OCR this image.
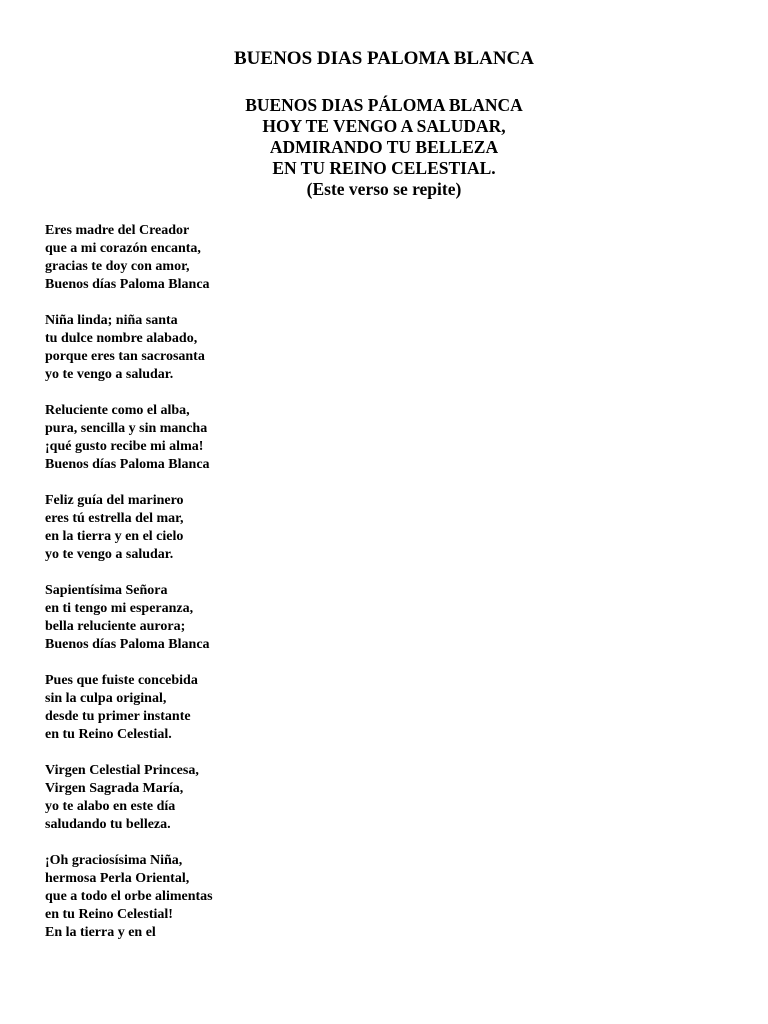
BUENOS DIAS PALOMA BLANCA
BUENOS DIAS PÁLOMA BLANCA
HOY TE VENGO A SALUDAR,
ADMIRANDO TU BELLEZA
EN TU REINO CELESTIAL.
(Este verso se repite)
Eres madre del Creador
que a mi corazón encanta,
gracias te doy con amor,
Buenos días Paloma Blanca
Niña linda; niña santa
tu dulce nombre alabado,
porque eres tan sacrosanta
yo te vengo a saludar.
Reluciente como el alba,
pura, sencilla y sin mancha
¡qué gusto recibe mi alma!
Buenos días Paloma Blanca
Feliz guía del marinero
eres tú estrella del mar,
en la tierra y en el cielo
yo te vengo a saludar.
Sapientísima Señora
en ti tengo mi esperanza,
bella reluciente aurora;
Buenos días Paloma Blanca
Pues que fuiste concebida
sin la culpa original,
desde tu primer instante
en tu Reino Celestial.
Virgen Celestial Princesa,
Virgen Sagrada María,
yo te alabo en este día
saludando tu belleza.
¡Oh graciosísima Niña,
hermosa Perla Oriental,
que a todo el orbe alimentas
en tu Reino Celestial!
En la tierra y en el
